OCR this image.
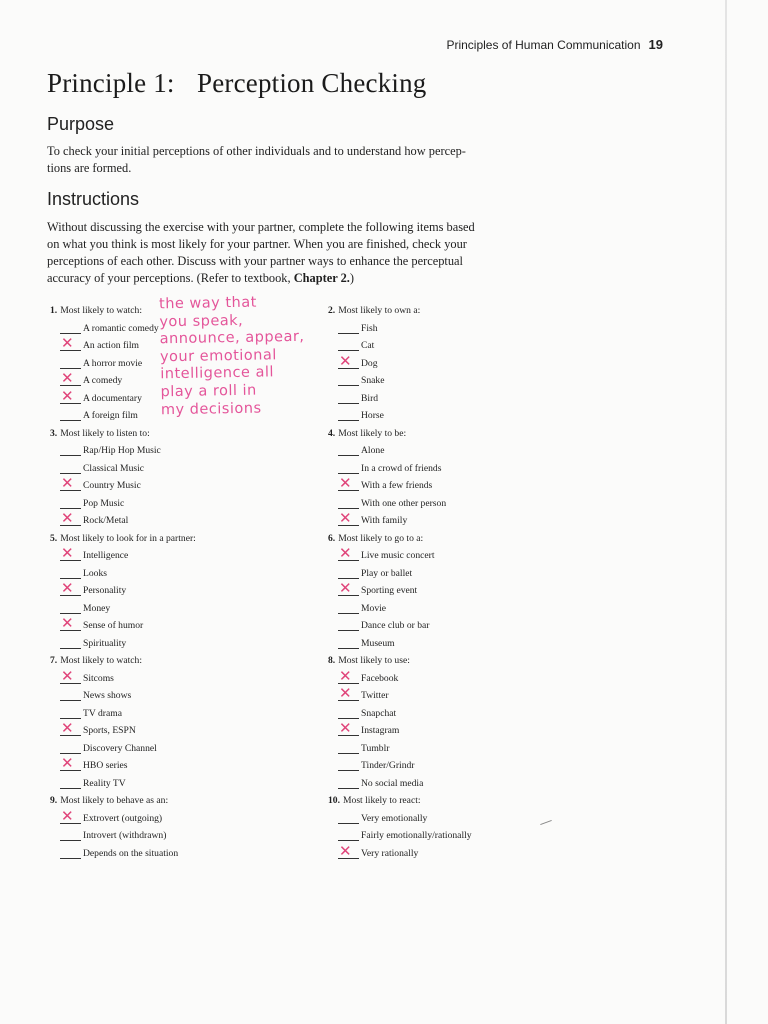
Principles of Human Communication 19
Principle 1: Perception Checking
Purpose
To check your initial perceptions of other individuals and to understand how percep-
tions are formed.
Instructions
Without discussing the exercise with your partner, complete the following items based
on what you think is most likely for your partner. When you are finished, check your
perceptions of each other. Discuss with your partner ways to enhance the perceptual
accuracy of your perceptions. (Refer to textbook, Chapter 2.)
1. Most likely to watch:
A romantic comedy
✕
An action film
A horror movie
✕
A comedy
✕
A documentary
A foreign film
3. Most likely to listen to:
Rap/Hip Hop Music
Classical Music
✕
Country Music
Pop Music
✕
Rock/Metal
5. Most likely to look for in a partner:
✕
Intelligence
Looks
✕
Personality
Money
✕
Sense of humor
Spirituality
7. Most likely to watch:
✕
Sitcoms
News shows
TV drama
✕
Sports, ESPN
Discovery Channel
✕
HBO series
Reality TV
9. Most likely to behave as an:
✕
Extrovert (outgoing)
Introvert (withdrawn)
Depends on the situation
2. Most likely to own a:
Fish
Cat
✕
Dog
Snake
Bird
Horse
4. Most likely to be:
Alone
In a crowd of friends
✕
With a few friends
With one other person
✕
With family
6. Most likely to go to a:
✕
Live music concert
Play or ballet
✕
Sporting event
Movie
Dance club or bar
Museum
8. Most likely to use:
✕
Facebook
✕
Twitter
Snapchat
✕
Instagram
Tumblr
Tinder/Grindr
No social media
10. Most likely to react:
Very emotionally
Fairly emotionally/rationally
✕
Very rationally
the way that
you speak,
announce, appear,
your emotional
intelligence all
play a roll in
my decisions
